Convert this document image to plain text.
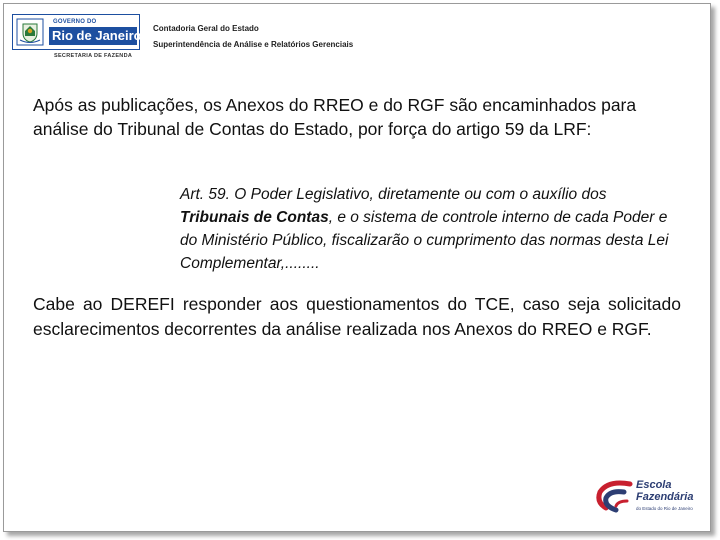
GOVERNO DO
Rio de Janeiro
SECRETARIA DE FAZENDA
Contadoria Geral do Estado
Superintendência de Análise e Relatórios Gerenciais
Após as publicações, os Anexos do RREO e do RGF são encaminhados para análise do Tribunal de Contas do Estado, por força do artigo 59 da LRF:
Art. 59. O Poder Legislativo, diretamente ou com o auxílio dos Tribunais de Contas, e o sistema de controle interno de cada Poder e do Ministério Público, fiscalizarão o cumprimento das normas desta Lei Complementar,........
Cabe ao DEREFI responder aos questionamentos do TCE, caso seja solicitado esclarecimentos decorrentes da análise realizada nos Anexos do RREO e RGF.
Escola
Fazendária
do Estado do Rio de Janeiro
